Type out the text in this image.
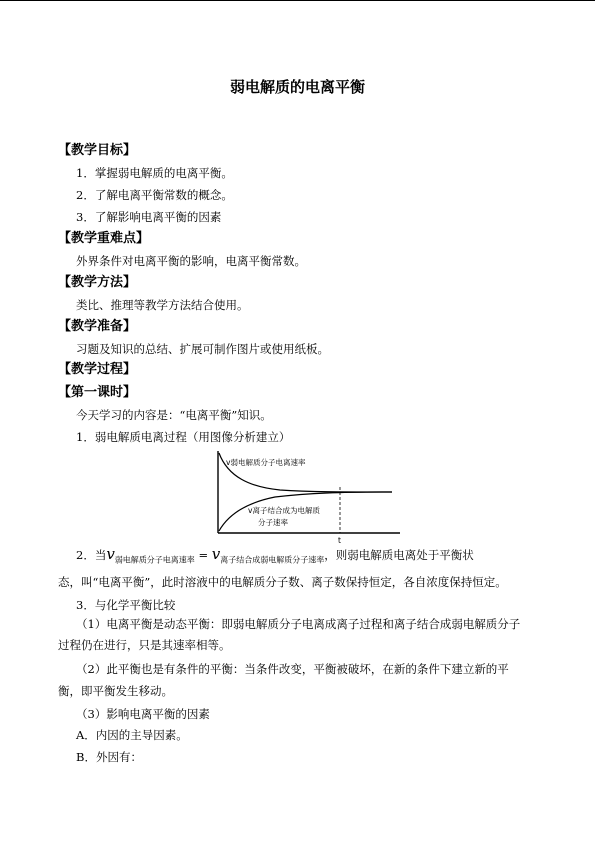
弱电解质的电离平衡
【教学目标】
1．掌握弱电解质的电离平衡。
2．了解电离平衡常数的概念。
3．了解影响电离平衡的因素
【教学重难点】
外界条件对电离平衡的影响，电离平衡常数。
【教学方法】
类比、推理等教学方法结合使用。
【教学准备】
习题及知识的总结、扩展可制作图片或使用纸板。
【教学过程】
【第一课时】
今天学习的内容是：“电离平衡”知识。
1．弱电解质电离过程（用图像分析建立）
v弱电解质分子电离速率
v离子结合成为电解质
分子速率
t
2．当$v_{弱电解质分子电离速率} = v_{离子结合成弱电解质分子速率}$，则弱电解质电离处于平衡状
态，叫“电离平衡”，此时溶液中的电解质分子数、离子数保持恒定，各自浓度保持恒定。
3．与化学平衡比较
（1）电离平衡是动态平衡：即弱电解质分子电离成离子过程和离子结合成弱电解质分子
过程仍在进行，只是其速率相等。
（2）此平衡也是有条件的平衡：当条件改变，平衡被破坏，在新的条件下建立新的平
衡，即平衡发生移动。
（3）影响电离平衡的因素
A．内因的主导因素。
B．外因有：
